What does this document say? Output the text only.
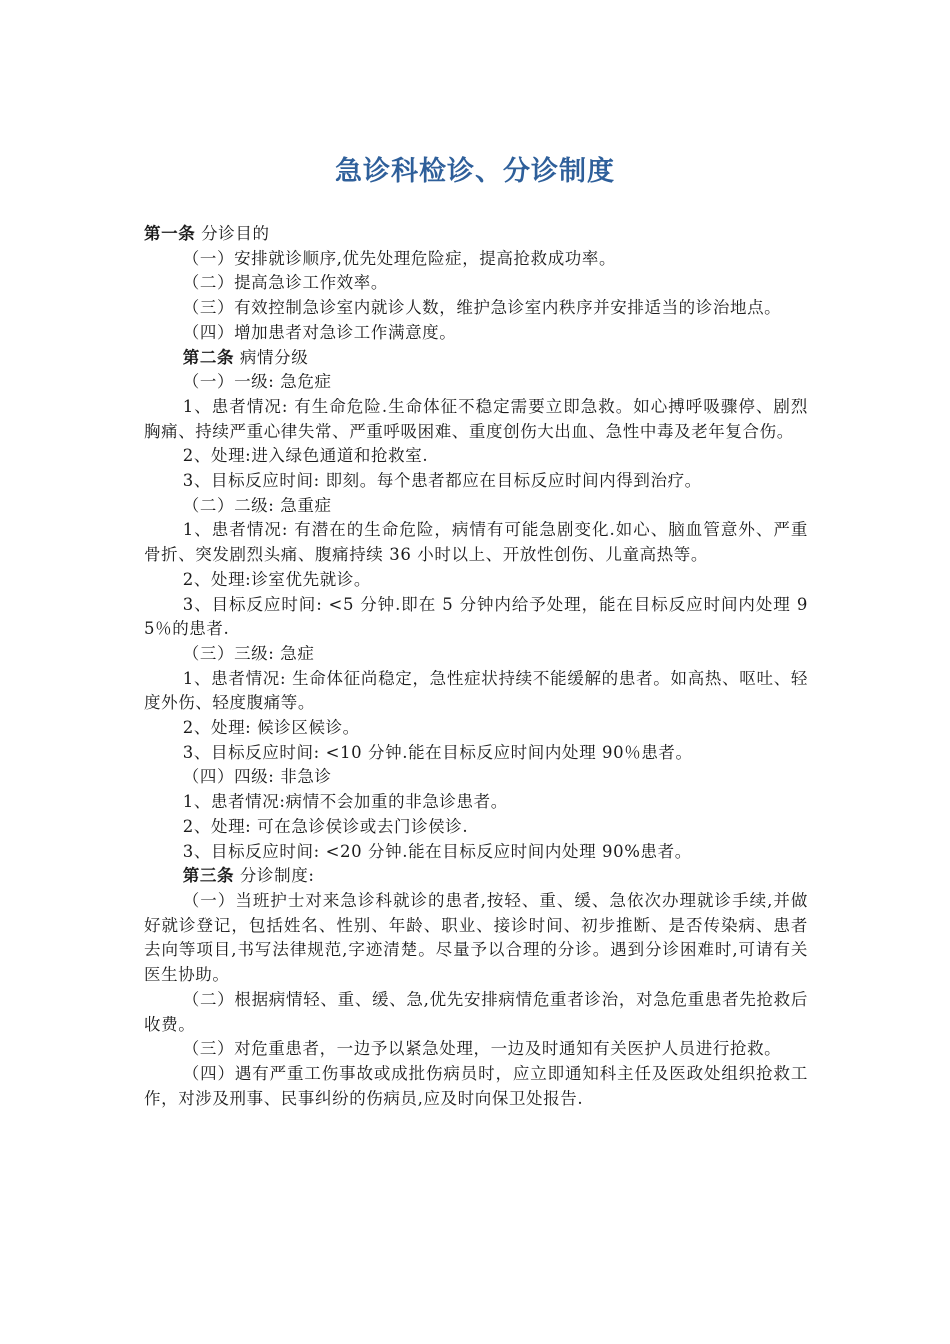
急诊科检诊、分诊制度

第一条 分诊目的

（一）安排就诊顺序,优先处理危险症，提高抢救成功率。

（二）提高急诊工作效率。

（三）有效控制急诊室内就诊人数，维护急诊室内秩序并安排适当的诊治地点。

（四）增加患者对急诊工作满意度。

第二条 病情分级

（一）一级: 急危症

1、患者情况: 有生命危险.生命体征不稳定需要立即急救。如心搏呼吸骤停、剧烈胸痛、持续严重心律失常、严重呼吸困难、重度创伤大出血、急性中毒及老年复合伤。

2、处理:进入绿色通道和抢救室.

3、目标反应时间: 即刻。每个患者都应在目标反应时间内得到治疗。

（二）二级: 急重症

1、患者情况: 有潜在的生命危险，病情有可能急剧变化.如心、脑血管意外、严重骨折、突发剧烈头痛、腹痛持续 36 小时以上、开放性创伤、儿童高热等。

2、处理:诊室优先就诊。

3、目标反应时间: <5 分钟.即在 5 分钟内给予处理，能在目标反应时间内处理 95％的患者.

（三）三级: 急症

1、患者情况: 生命体征尚稳定，急性症状持续不能缓解的患者。如高热、呕吐、轻度外伤、轻度腹痛等。

2、处理: 候诊区候诊。

3、目标反应时间: <10 分钟.能在目标反应时间内处理 90％患者。

（四）四级: 非急诊

1、患者情况:病情不会加重的非急诊患者。

2、处理: 可在急诊侯诊或去门诊侯诊.

3、目标反应时间: <20 分钟.能在目标反应时间内处理 90%患者。

第三条 分诊制度:

（一）当班护士对来急诊科就诊的患者,按轻、重、缓、急依次办理就诊手续,并做好就诊登记，包括姓名、性别、年龄、职业、接诊时间、初步推断、是否传染病、患者去向等项目,书写法律规范,字迹清楚。尽量予以合理的分诊。遇到分诊困难时,可请有关医生协助。

（二）根据病情轻、重、缓、急,优先安排病情危重者诊治，对急危重患者先抢救后收费。

（三）对危重患者，一边予以紧急处理，一边及时通知有关医护人员进行抢救。

（四）遇有严重工伤事故或成批伤病员时，应立即通知科主任及医政处组织抢救工作，对涉及刑事、民事纠纷的伤病员,应及时向保卫处报告.
